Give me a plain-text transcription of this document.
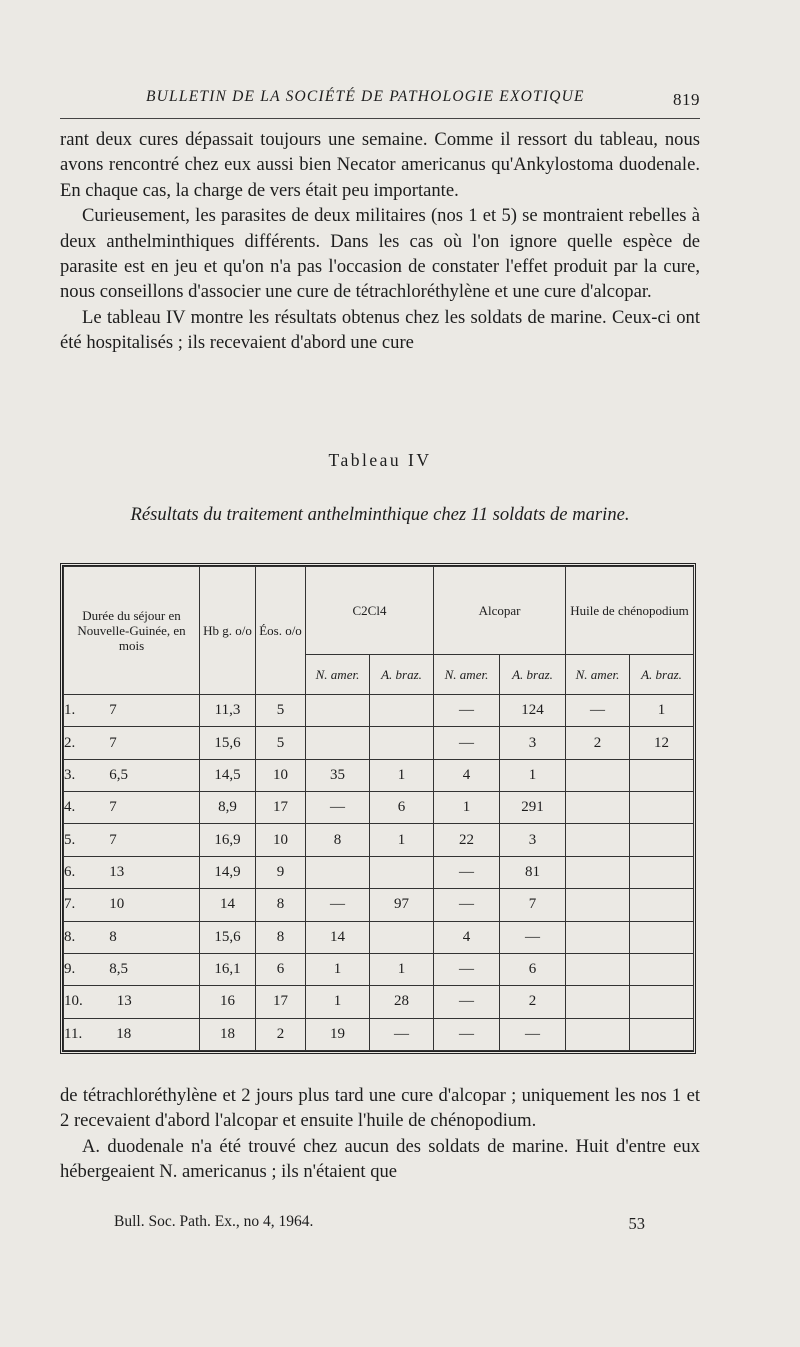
BULLETIN DE LA SOCIÉTÉ DE PATHOLOGIE EXOTIQUE	819

rant deux cures dépassait toujours une semaine. Comme il ressort du tableau, nous avons rencontré chez eux aussi bien Necator americanus qu'Ankylostoma duodenale. En chaque cas, la charge de vers était peu importante.

Curieusement, les parasites de deux militaires (nos 1 et 5) se montraient rebelles à deux anthelminthiques différents. Dans les cas où l'on ignore quelle espèce de parasite est en jeu et qu'on n'a pas l'occasion de constater l'effet produit par la cure, nous conseillons d'associer une cure de tétrachloréthylène et une cure d'alcopar.

Le tableau IV montre les résultats obtenus chez les soldats de marine. Ceux-ci ont été hospitalisés ; ils recevaient d'abord une cure

Tableau IV
Résultats du traitement anthelminthique chez 11 soldats de marine.
Durée du séjour en Nouvelle-Guinée, en mois	Hb g. o/o	Éos. o/o	C2Cl4		Alcopar		Huile de chénopodium	
			N. amer.	A. braz.	N. amer.	A. braz.	N. amer.	A. braz.
1. 7	11,3	5			—	124	—	1
2. 7	15,6	5			—	3	2	12
3. 6,5	14,5	10	35	1	4	1		
4. 7	8,9	17	—	6	1	291		
5. 7	16,9	10	8	1	22	3		
6. 13	14,9	9			—	81		
7. 10	14	8	—	97	—	7		
8. 8	15,6	8	14		4	—		
9. 8,5	16,1	6	1	1	—	6		
10. 13	16	17	1	28	—	2		
11. 18	18	2	19	—	—	—		

de tétrachloréthylène et 2 jours plus tard une cure d'alcopar ; uniquement les nos 1 et 2 recevaient d'abord l'alcopar et ensuite l'huile de chénopodium.

A. duodenale n'a été trouvé chez aucun des soldats de marine. Huit d'entre eux hébergeaient N. americanus ; ils n'étaient que

Bull. Soc. Path. Ex., no 4, 1964.	53
